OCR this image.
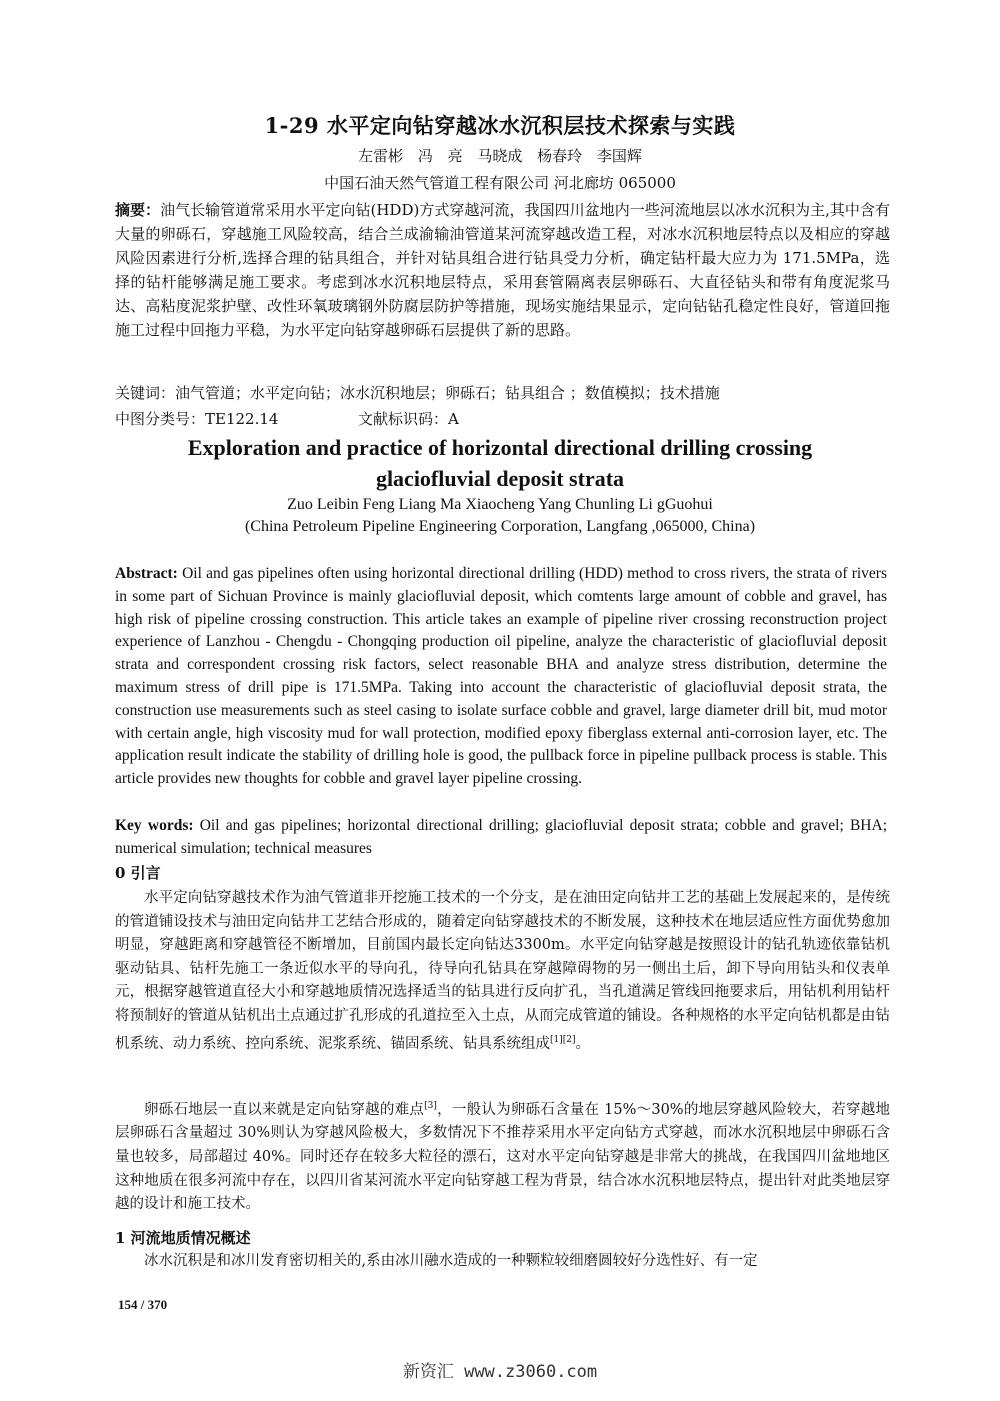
1-29 水平定向钻穿越冰水沉积层技术探索与实践
左雷彬 冯 亮 马晓成 杨春玲 李国辉
中国石油天然气管道工程有限公司 河北廊坊 065000
摘要：油气长输管道常采用水平定向钻(HDD)方式穿越河流，我国四川盆地内一些河流地层以冰水沉积为主,其中含有大量的卵砾石，穿越施工风险较高，结合兰成渝输油管道某河流穿越改造工程，对冰水沉积地层特点以及相应的穿越风险因素进行分析,选择合理的钻具组合，并针对钻具组合进行钻具受力分析，确定钻杆最大应力为 171.5MPa，选择的钻杆能够满足施工要求。考虑到冰水沉积地层特点，采用套管隔离表层卵砾石、大直径钻头和带有角度泥浆马达、高粘度泥浆护壁、改性环氧玻璃钢外防腐层防护等措施，现场实施结果显示，定向钻钻孔稳定性良好，管道回拖施工过程中回拖力平稳，为水平定向钻穿越卵砾石层提供了新的思路。
关键词：油气管道；水平定向钻；冰水沉积地层；卵砾石；钻具组合 ；数值模拟；技术措施
中图分类号：TE122.14	文献标识码：A
Exploration and practice of horizontal directional drilling crossing
glaciofluvial deposit strata
Zuo Leibin Feng Liang Ma Xiaocheng Yang Chunling Li gGuohui
(China Petroleum Pipeline Engineering Corporation, Langfang ,065000, China)
Abstract: Oil and gas pipelines often using horizontal directional drilling (HDD) method to cross rivers, the strata of rivers in some part of Sichuan Province is mainly glaciofluvial deposit, which comtents large amount of cobble and gravel, has high risk of pipeline crossing construction. This article takes an example of pipeline river crossing reconstruction project experience of Lanzhou - Chengdu - Chongqing production oil pipeline, analyze the characteristic of glaciofluvial deposit strata and correspondent crossing risk factors, select reasonable BHA and analyze stress distribution, determine the maximum stress of drill pipe is 171.5MPa. Taking into account the characteristic of glaciofluvial deposit strata, the construction use measurements such as steel casing to isolate surface cobble and gravel, large diameter drill bit, mud motor with certain angle, high viscosity mud for wall protection, modified epoxy fiberglass external anti-corrosion layer, etc. The application result indicate the stability of drilling hole is good, the pullback force in pipeline pullback process is stable. This article provides new thoughts for cobble and gravel layer pipeline crossing.
Key words: Oil and gas pipelines; horizontal directional drilling; glaciofluvial deposit strata; cobble and gravel; BHA; numerical simulation; technical measures
0 引言
水平定向钻穿越技术作为油气管道非开挖施工技术的一个分支，是在油田定向钻井工艺的基础上发展起来的，是传统的管道铺设技术与油田定向钻井工艺结合形成的，随着定向钻穿越技术的不断发展，这种技术在地层适应性方面优势愈加明显，穿越距离和穿越管径不断增加，目前国内最长定向钻达3300m。水平定向钻穿越是按照设计的钻孔轨迹依靠钻机驱动钻具、钻杆先施工一条近似水平的导向孔，待导向孔钻具在穿越障碍物的另一侧出土后，卸下导向用钻头和仪表单元，根据穿越管道直径大小和穿越地质情况选择适当的钻具进行反向扩孔，当孔道满足管线回拖要求后，用钻机利用钻杆将预制好的管道从钻机出土点通过扩孔形成的孔道拉至入土点，从而完成管道的铺设。各种规格的水平定向钻机都是由钻机系统、动力系统、控向系统、泥浆系统、锚固系统、钻具系统组成[1][2]。
卵砾石地层一直以来就是定向钻穿越的难点[3]，一般认为卵砾石含量在 15%～30%的地层穿越风险较大，若穿越地层卵砾石含量超过 30%则认为穿越风险极大，多数情况下不推荐采用水平定向钻方式穿越，而冰水沉积地层中卵砾石含量也较多，局部超过 40%。同时还存在较多大粒径的漂石，这对水平定向钻穿越是非常大的挑战，在我国四川盆地地区这种地质在很多河流中存在，以四川省某河流水平定向钻穿越工程为背景，结合冰水沉积地层特点，提出针对此类地层穿越的设计和施工技术。
1 河流地质情况概述
冰水沉积是和冰川发育密切相关的,系由冰川融水造成的一种颗粒较细磨圆较好分选性好、有一定
154 / 370
新资汇 www.z3060.com
